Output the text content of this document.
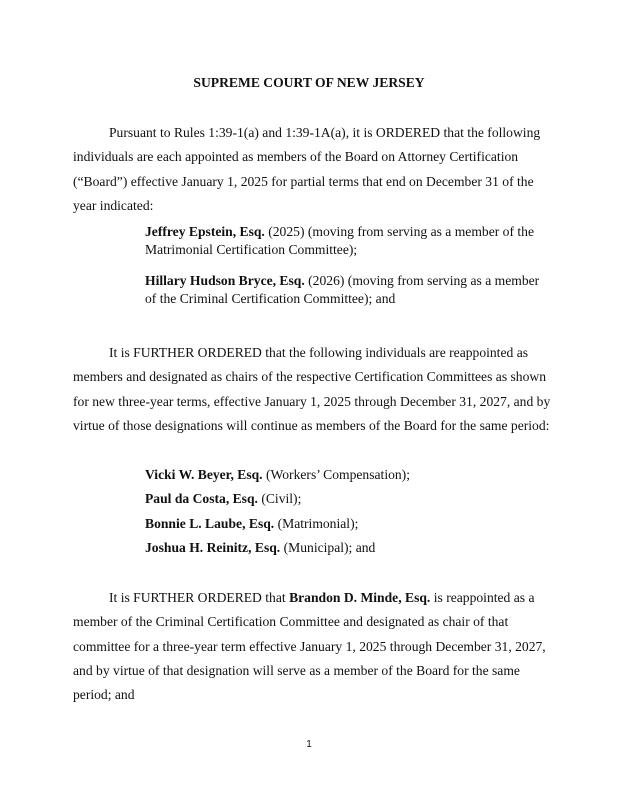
SUPREME COURT OF NEW JERSEY
Pursuant to Rules 1:39-1(a) and 1:39-1A(a), it is ORDERED that the following individuals are each appointed as members of the Board on Attorney Certification (“Board”) effective January 1, 2025 for partial terms that end on December 31 of the year indicated:
Jeffrey Epstein, Esq. (2025) (moving from serving as a member of the Matrimonial Certification Committee);
Hillary Hudson Bryce, Esq. (2026) (moving from serving as a member of the Criminal Certification Committee); and
It is FURTHER ORDERED that the following individuals are reappointed as members and designated as chairs of the respective Certification Committees as shown for new three-year terms, effective January 1, 2025 through December 31, 2027, and by virtue of those designations will continue as members of the Board for the same period:
Vicki W. Beyer, Esq. (Workers’ Compensation);
Paul da Costa, Esq. (Civil);
Bonnie L. Laube, Esq. (Matrimonial);
Joshua H. Reinitz, Esq. (Municipal); and
It is FURTHER ORDERED that Brandon D. Minde, Esq. is reappointed as a member of the Criminal Certification Committee and designated as chair of that committee for a three-year term effective January 1, 2025 through December 31, 2027, and by virtue of that designation will serve as a member of the Board for the same period; and
1
